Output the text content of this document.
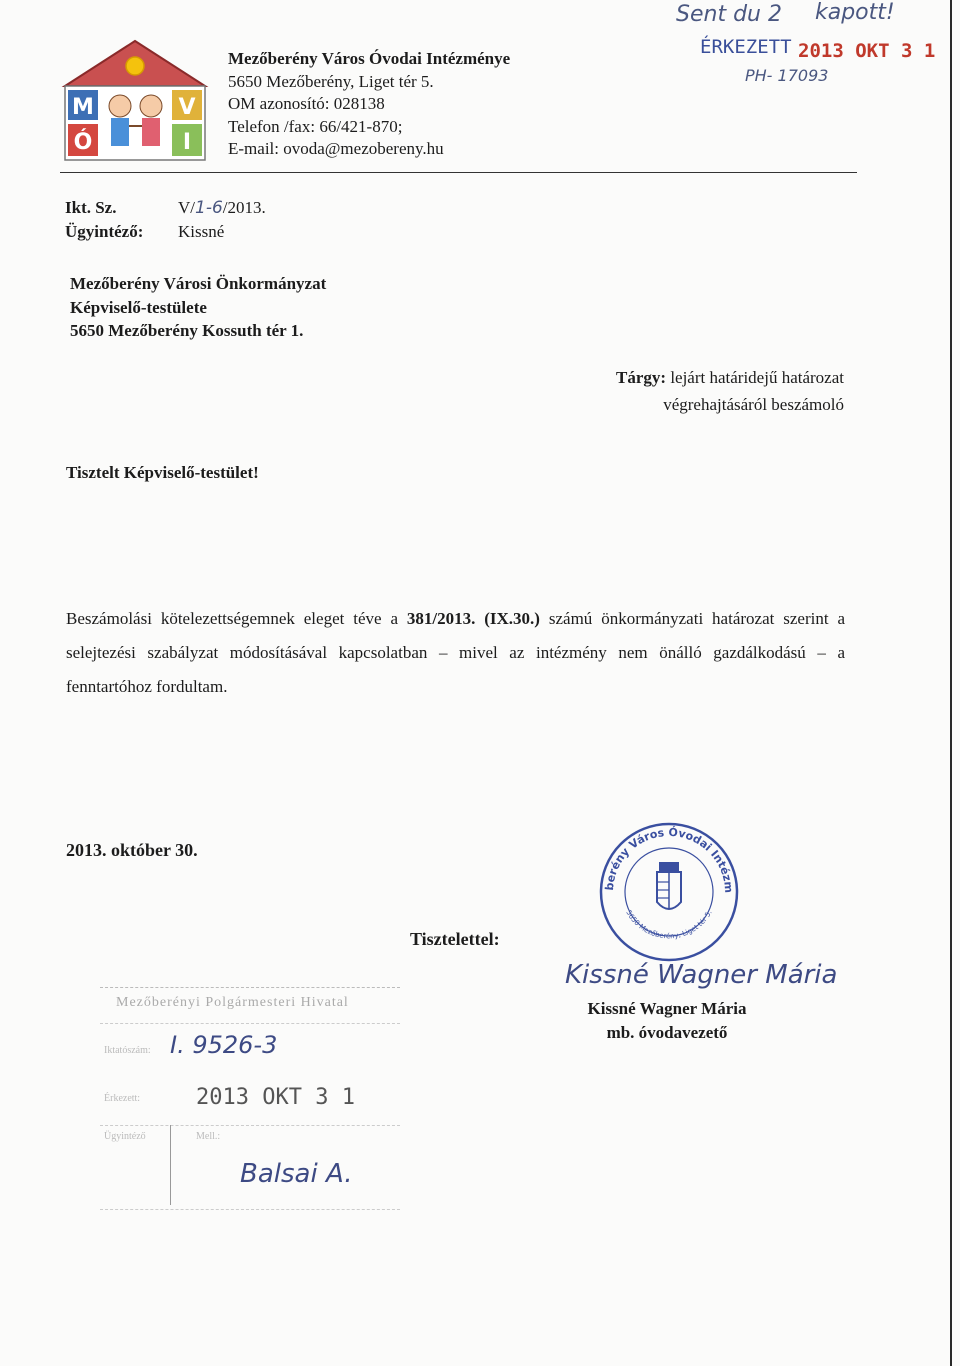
M	V
Ó	I
Mezőberény Város Óvodai Intézménye
5650 Mezőberény, Liget tér 5.
OM azonosító: 028138
Telefon /fax: 66/421-870;
E-mail: ovoda@mezobereny.hu
Sent du 2 kapott!
ÉRKEZETT 2013 OKT 3 1
PH- 17093
Ikt. Sz.	V/1-6/2013.
Ügyintéző: Kissné
Mezőberény Városi Önkormányzat
Képviselő-testülete
5650 Mezőberény Kossuth tér 1.
Tárgy: lejárt határidejű határozat
végrehajtásáról beszámoló
Tisztelt Képviselő-testület!
Beszámolási kötelezettségemnek eleget téve a 381/2013. (IX.30.) számú önkormányzati határozat szerint a selejtezési szabályzat módosításával kapcsolatban – mivel az intézmény nem önálló gazdálkodású – a fenntartóhoz fordultam.
2013. október 30.
berény Város Óvodai Intézm
5650 Mezőberény, Liget tér 5.
Tisztelettel:
Kissné Wagner Mária
Kissné Wagner Mária
mb. óvodavezető
Mezőberényi Polgármesteri Hivatal
Iktatószám: I. 9526-3
Érkezett:	2013 OKT 3 1
Ügyintéző	Mell.:
Balsai A.
